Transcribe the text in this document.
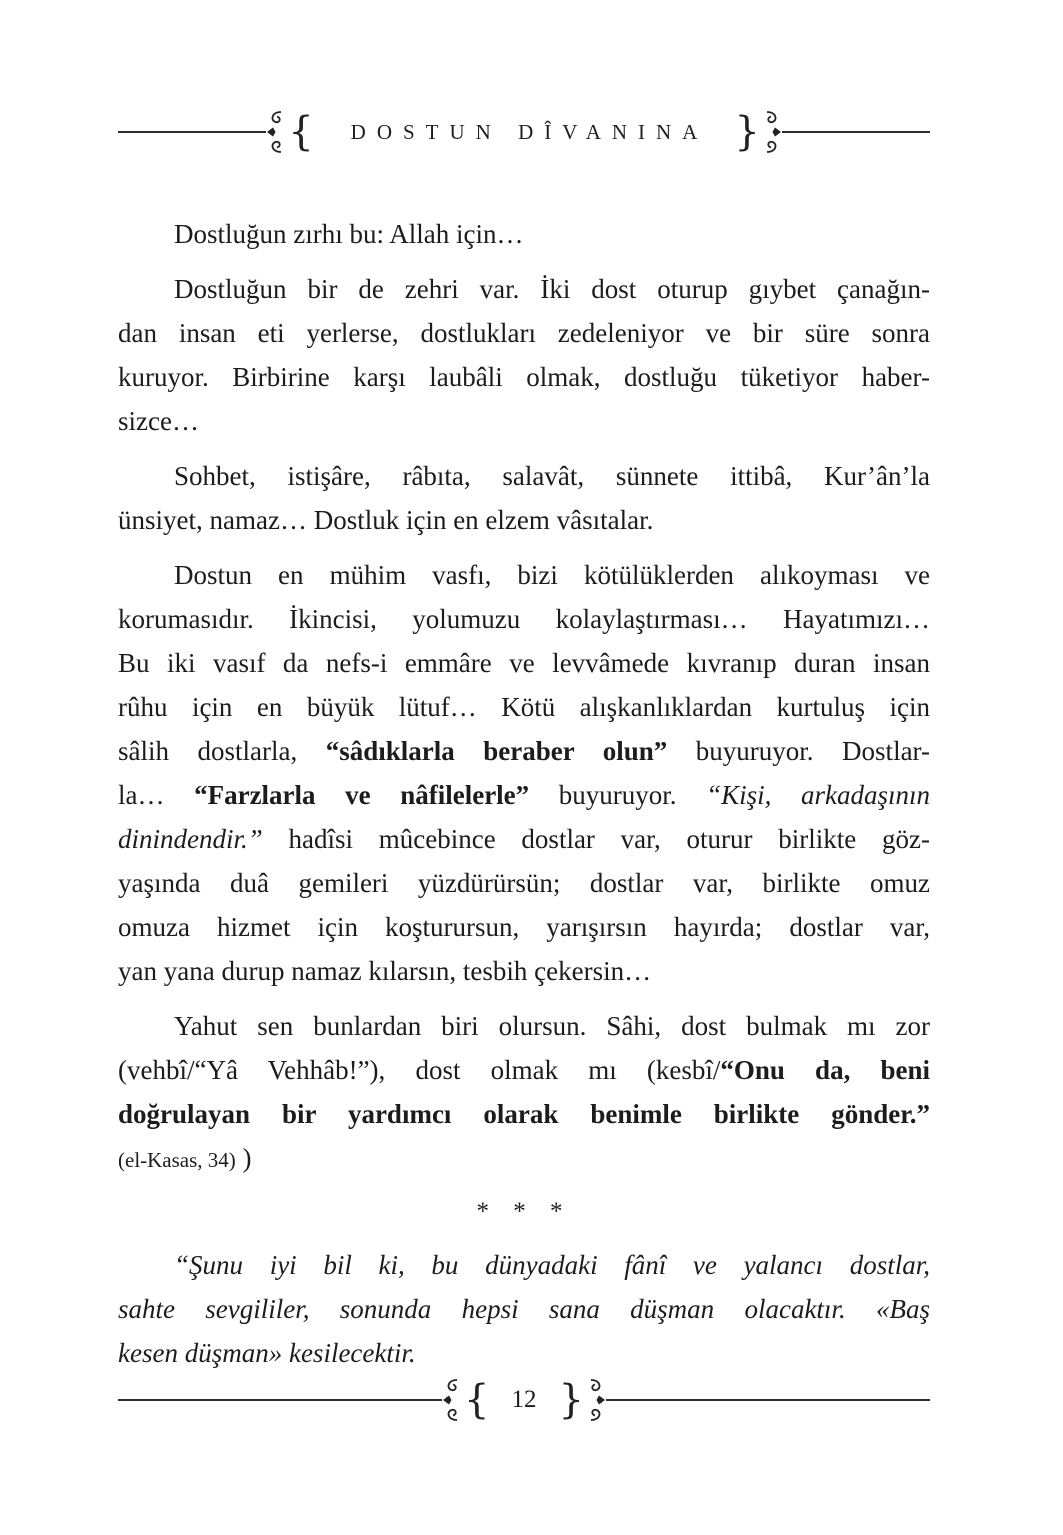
{ DOSTUN DÎVANINA }
Dostluğun zırhı bu: Allah için…
Dostluğun bir de zehri var. İki dost oturup gıybet çanağın-
dan insan eti yerlerse, dostlukları zedeleniyor ve bir süre sonra
kuruyor. Birbirine karşı laubâli olmak, dostluğu tüketiyor haber-
sizce…
Sohbet, istişâre, râbıta, salavât, sünnete ittibâ, Kur’ân’la
ünsiyet, namaz… Dostluk için en elzem vâsıtalar.
Dostun en mühim vasfı, bizi kötülüklerden alıkoyması ve
korumasıdır. İkincisi, yolumuzu kolaylaştırması… Hayatımızı…
Bu iki vasıf da nefs-i emmâre ve levvâmede kıvranıp duran insan
rûhu için en büyük lütuf… Kötü alışkanlıklardan kurtuluş için
sâlih dostlarla, “sâdıklarla beraber olun” buyuruyor. Dostlar-
la… “Farzlarla ve nâfilelerle” buyuruyor. “Kişi, arkadaşının
dinindendir.” hadîsi mûcebince dostlar var, oturur birlikte göz-
yaşında duâ gemileri yüzdürürsün; dostlar var, birlikte omuz
omuza hizmet için koşturursun, yarışırsın hayırda; dostlar var,
yan yana durup namaz kılarsın, tesbih çekersin…
Yahut sen bunlardan biri olursun. Sâhi, dost bulmak mı zor
(vehbî/“Yâ Vehhâb!”), dost olmak mı (kesbî/“Onu da, beni
doğrulayan bir yardımcı olarak benimle birlikte gönder.”
(el-Kasas, 34) )
* * *
“Şunu iyi bil ki, bu dünyadaki fânî ve yalancı dostlar,
sahte sevgililer, sonunda hepsi sana düşman olacaktır. «Baş
kesen düşman» kesilecektir.
{ 12 }
